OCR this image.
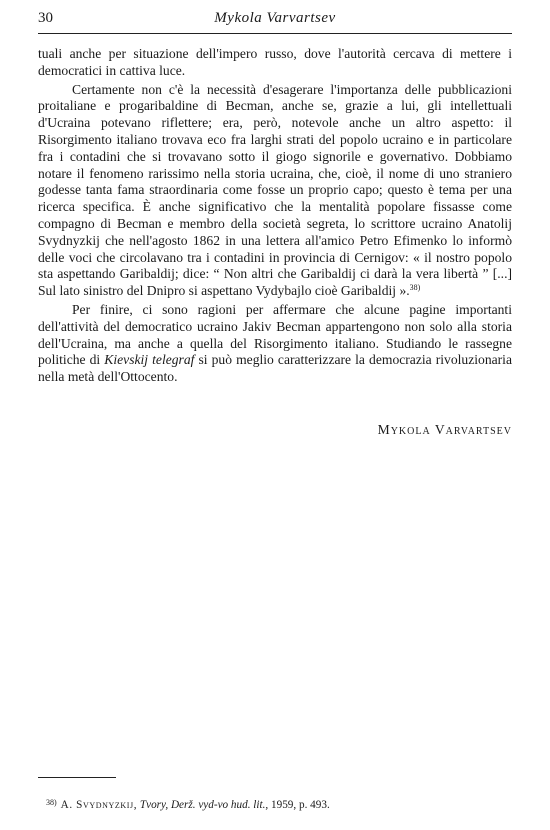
30	Mykola Varvartsev

tuali anche per situazione dell'impero russo, dove l'autorità cercava di mettere i democratici in cattiva luce.

Certamente non c'è la necessità d'esagerare l'importanza delle pubblicazioni proitaliane e progaribaldine di Becman, anche se, grazie a lui, gli intellettuali d'Ucraina potevano riflettere; era, però, notevole anche un altro aspetto: il Risorgimento italiano trovava eco fra larghi strati del popolo ucraino e in particolare fra i contadini che si trovavano sotto il giogo signorile e governativo. Dobbiamo notare il fenomeno rarissimo nella storia ucraina, che, cioè, il nome di uno straniero godesse tanta fama straordinaria come fosse un proprio capo; questo è tema per una ricerca specifica. È anche significativo che la mentalità popolare fissasse come compagno di Becman e membro della società segreta, lo scrittore ucraino Anatolij Svydnyzkij che nell'agosto 1862 in una lettera all'amico Petro Efimenko lo informò delle voci che circolavano tra i contadini in provincia di Cernigov: « il nostro popolo sta aspettando Garibaldij; dice: “ Non altri che Garibaldij ci darà la vera libertà ” [...] Sul lato sinistro del Dnipro si aspettano Vydybajlo cioè Garibaldij ».$^{38)}$

Per finire, ci sono ragioni per affermare che alcune pagine importanti dell'attività del democratico ucraino Jakiv Becman appartengono non solo alla storia dell'Ucraina, ma anche a quella del Risorgimento italiano. Studiando le rassegne politiche di Kievskij telegraf si può meglio caratterizzare la democrazia rivoluzionaria nella metà dell'Ottocento.

Mykola Varvartsev
$^{38)}$ A. Svydnyzkij, Tvory, Derž. vyd-vo hud. lit., 1959, p. 493.
